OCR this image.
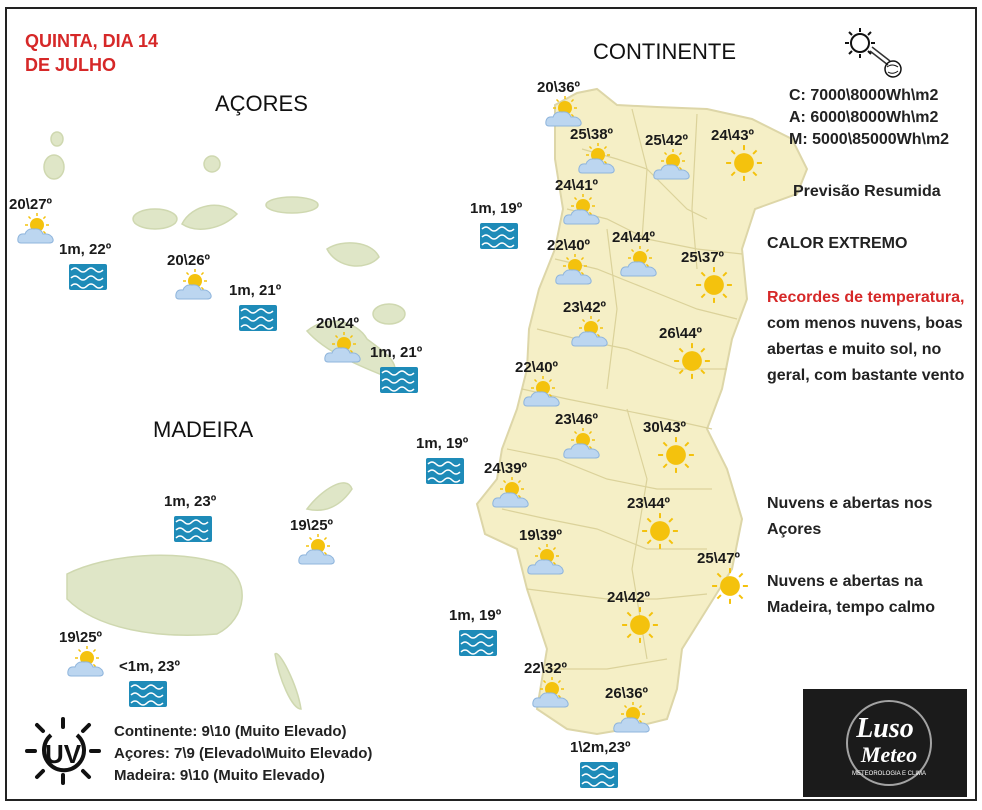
QUINTA, DIA 14
DE JULHO
CONTINENTE
AÇORES
MADEIRA
C: 7000\8000Wh\m2
A: 6000\8000Wh\m2
M: 5000\85000Wh\m2
Previsão Resumida
CALOR EXTREMO
Recordes de temperatura, com menos nuvens, boas abertas e muito sol, no geral, com bastante vento
Nuvens e abertas nos Açores
Nuvens e abertas na Madeira, tempo calmo
UV
Continente: 9\10 (Muito Elevado)
Açores: 7\9 (Elevado\Muito Elevado)
Madeira: 9\10 (Muito Elevado)
Luso
Meteo
METEOROLOGIA E CLIMA
20\36º
25\38º	25\42º	24\43º
24\41º
22\40º	24\44º
25\37º
23\42º
26\44º
22\40º
23\46º	30\43º
24\39º
23\44º
19\39º
25\47º
24\42º
22\32º
26\36º
20\27º
20\26º
20\24º
19\25º
19\25º
1m, 19º
1m, 22º
1m, 21º
1m, 21º
1m, 19º
1m, 23º
<1m, 23º
1m, 19º
1\2m,23º
